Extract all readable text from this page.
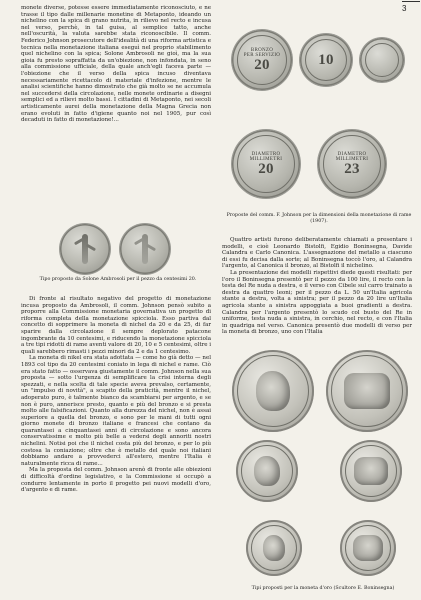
3

monete diverse, potesse essere immediatamente riconosciuto, e ne trasse il tipo dalle millenarie monetine di Metaponto, ideando un nichelino con la spica di grano nutrita, in rilievo nel recto e incusa nel verso, perchè, in tal guisa, al semplice tatto, anche nell'oscurità, la valuta sarebbe stata riconoscibile. Il comm. Federico Johnson prosecutore dell'idealità di una riforma artistica e tecnica nella monetazione italiana eseguì nel proprio stabilimento quel nichelino con la spica; Solone Ambrosoli ne gioì, ma la sua gioia fu presto sopraffatta da un'obiezione, non infondata, in seno alla commissione ufficiale, della quale anch'egli faceva parte — l'obiezione che il verso della spica incuso diventava necessariamente ricettacolo di materiale d'infezione, mentre le analisi scientifiche hanno dimostrato che già molto se ne accumula nel succedersi della circolazione, nelle monete ordinarie a disegni semplici ed a rilievi molto bassi. I cittadini di Metaponto, nei secoli artisticamente aurei della monetazione della Magna Grecia non erano evoluti in fatto d'igiene quanto noi nel 1905, pur così decaduti in fatto di monetazione!...

Tipo proposto da Solone Ambrosoli per il pezzo da centesimi 20.

Di fronte al risultato negativo del progetto di monetazione incusa proposto da Ambrosoli, il comm. Johnson pensò subito a proporre alla Commissione monetaria governativa un progetto di riforma completa della monetazione spicciola. Esso partiva dal concetto di sopprimere la moneta di nichel da 20 e da 25, di far sparire dalla circolazione il sempre deplorato patacone ingombrante da 10 centesimi, e riducendo la monetazione spicciola a tre tipi ridotti di rame aventi valore di 20, 10 e 5 centesimi, oltre i quali sarebbero rimasti i pezzi minori da 2 e da 1 centesimo.

La moneta di nikel era stata adottata — come ho già detto — nel 1893 col tipo da 20 centesimi coniato in lega di nichel e rame. Ciò era stato fatto — osservava giustamente il comm. Johnson nella sua proposta — sotto l'urgenza di semplificare la crisi interna degli spezzati, e nella scelta di tale specie aveva prevalso, certamente, un "impulso di novità", a scapito della praticità, mentre il nichel, adoperato puro, è talmente bianco da scambiarsi per argento, e se non è puro, annerisce presto, quanto e più del bronzo e si presta molto alle falsificazioni. Quanto alla durezza del nichel, non è assai superiore a quella del bronzo, e sono per le mani di tutti ogni giorno monete di bronzo italiane e francesi che contano da quarantasei a cinquantasei anni di circolazione e sono ancora conservatissime e molto più belle a vedersi degli annoriti nostri nichelini. Notisi poi che il nichel costa più del bronzo, e per lo più costosa la coniazione; oltre che è metallo del quale noi italiani dobbiamo andare a provvederci all'estero, mentre l'Italia è naturalmente ricca di rame...

Ma la proposta del comm. Johnson arenò di fronte alle obiezioni di difficoltà d'ordine legislativo, e la Commissione si occupò a condurre lentamente in porto il progetto pei nuovi modelli d'oro, d'argento e di rame.

BRONZO
PER SERVIZIO
20	10
DIAMETRO
MILLIMETRI
20
DIAMETRO
MILLIMETRI
23
Proposte del comm. F. Johnson per la dimensioni della monetazione di rame (1907).

Quattro artisti furono deliberatamente chiamati a presentare i modelli, e cioè Leonardo Bistolfi, Egidio Boninsegna, Davide Calandra e Carlo Canonica. L'assegnazione del metallo a ciascuno di essi fu decisa dalla sorte; al Boninsegna toccò l'oro, al Calandra l'argento, al Canonica il bronzo, al Bistolfi il nichelino.

La presentazione dei modelli rispettivi diede questi risultati: per l'oro il Boninsegna presentò per il pezzo da 100 lire, il recto con la testa del Re nuda a destra, e il verso con Cibele sul carro trainato a destra da quattro leoni; per il pezzo da L. 50 un'Italia agricola stante a destra, volta a sinistra; per il pezzo da 20 lire un'Italia agricola stante a sinistra appoggiata a buoi gradienti a destra. Calandra per l'argento presentò lo scudo col busto del Re in uniforme, testa nuda a sinistra, in cerchio, nel recto, e con l'Italia in quadriga nel verso. Canonica presentò due modelli di verso per la moneta di bronzo, uno con l'Italia

Tipi proposti per la moneta d'oro (Scultore E. Boninsegna)
